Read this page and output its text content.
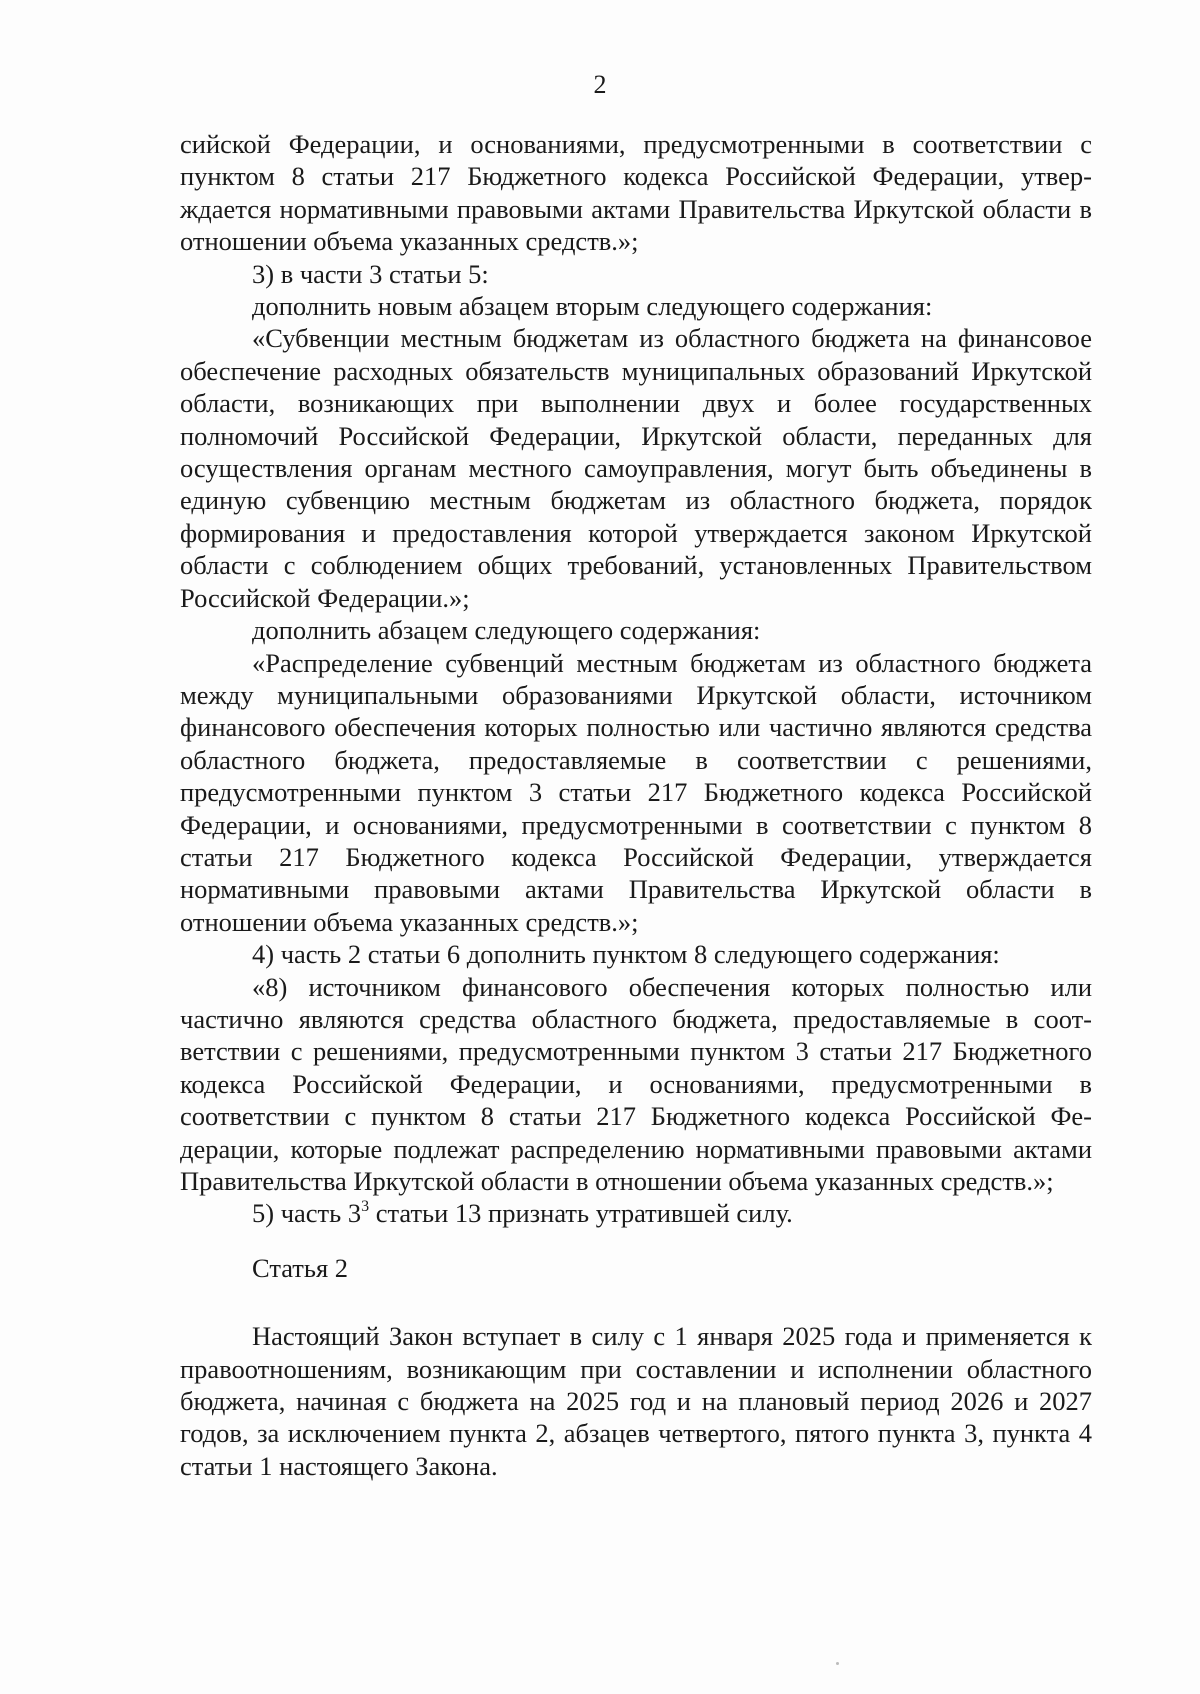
2

сийской Федерации, и основаниями, предусмотренными в соответствии с пунктом 8 статьи 217 Бюджетного кодекса Российской Федерации, утверждается нормативными правовыми актами Правительства Иркутской области в отношении объема указанных средств.»;

3) в части 3 статьи 5:

дополнить новым абзацем вторым следующего содержания:

«Субвенции местным бюджетам из областного бюджета на финансовое обеспечение расходных обязательств муниципальных образований Иркутской области, возникающих при выполнении двух и более государственных полномочий Российской Федерации, Иркутской области, переданных для осуществления органам местного самоуправления, могут быть объединены в единую субвенцию местным бюджетам из областного бюджета, порядок формирования и предоставления которой утверждается законом Иркутской области с соблюдением общих требований, установленных Правительством Российской Федерации.»;

дополнить абзацем следующего содержания:

«Распределение субвенций местным бюджетам из областного бюджета между муниципальными образованиями Иркутской области, источником финансового обеспечения которых полностью или частично являются средства областного бюджета, предоставляемые в соответствии с решениями, предусмотренными пунктом 3 статьи 217 Бюджетного кодекса Российской Федерации, и основаниями, предусмотренными в соответствии с пунктом 8 статьи 217 Бюджетного кодекса Российской Федерации, утверждается нормативными правовыми актами Правительства Иркутской области в отношении объема указанных средств.»;

4) часть 2 статьи 6 дополнить пунктом 8 следующего содержания:

«8) источником финансового обеспечения которых полностью или частично являются средства областного бюджета, предоставляемые в соответствии с решениями, предусмотренными пунктом 3 статьи 217 Бюджетного кодекса Российской Федерации, и основаниями, предусмотренными в соответствии с пунктом 8 статьи 217 Бюджетного кодекса Российской Федерации, которые подлежат распределению нормативными правовыми актами Правительства Иркутской области в отношении объема указанных средств.»;

5) часть $3^3$ статьи 13 признать утратившей силу.

Статья 2

Настоящий Закон вступает в силу с 1 января 2025 года и применяется к правоотношениям, возникающим при составлении и исполнении областного бюджета, начиная с бюджета на 2025 год и на плановый период 2026 и 2027 годов, за исключением пункта 2, абзацев четвертого, пятого пункта 3, пункта 4 статьи 1 настоящего Закона.
